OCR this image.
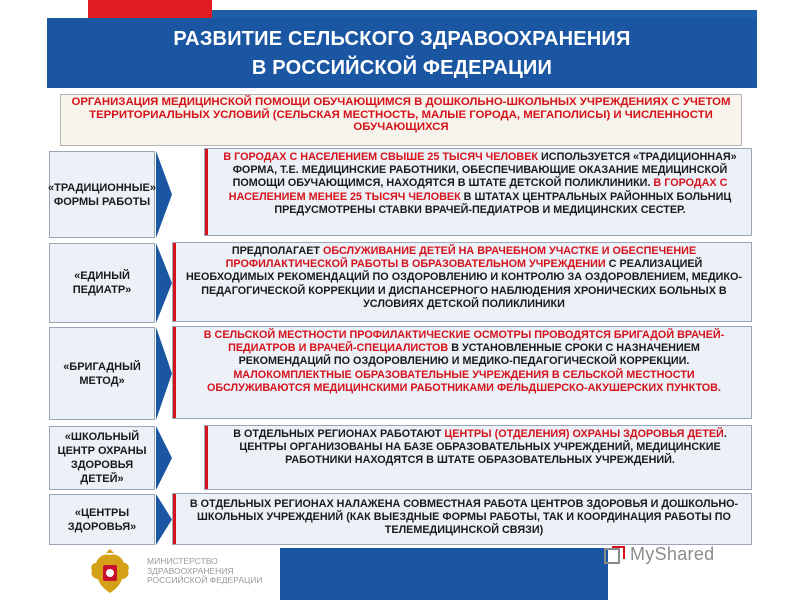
РАЗВИТИЕ СЕЛЬСКОГО ЗДРАВООХРАНЕНИЯ
В РОССИЙСКОЙ ФЕДЕРАЦИИ
ОРГАНИЗАЦИЯ МЕДИЦИНСКОЙ ПОМОЩИ ОБУЧАЮЩИМСЯ В ДОШКОЛЬНО-ШКОЛЬНЫХ УЧРЕЖДЕНИЯХ С УЧЕТОМ ТЕРРИТОРИАЛЬНЫХ УСЛОВИЙ (СЕЛЬСКАЯ МЕСТНОСТЬ, МАЛЫЕ ГОРОДА, МЕГАПОЛИСЫ) И ЧИСЛЕННОСТИ ОБУЧАЮЩИХСЯ
«ТРАДИЦИОННЫЕ»
ФОРМЫ РАБОТЫ
В ГОРОДАХ С НАСЕЛЕНИЕМ СВЫШЕ 25 ТЫСЯЧ ЧЕЛОВЕК ИСПОЛЬЗУЕТСЯ «ТРАДИЦИОННАЯ» ФОРМА, Т.Е. МЕДИЦИНСКИЕ РАБОТНИКИ, ОБЕСПЕЧИВАЮЩИЕ ОКАЗАНИЕ МЕДИЦИНСКОЙ ПОМОЩИ ОБУЧАЮЩИМСЯ, НАХОДЯТСЯ В ШТАТЕ ДЕТСКОЙ ПОЛИКЛИНИКИ. В ГОРОДАХ С НАСЕЛЕНИЕМ МЕНЕЕ 25 ТЫСЯЧ ЧЕЛОВЕК В ШТАТАХ ЦЕНТРАЛЬНЫХ РАЙОННЫХ БОЛЬНИЦ ПРЕДУСМОТРЕНЫ СТАВКИ ВРАЧЕЙ-ПЕДИАТРОВ И МЕДИЦИНСКИХ СЕСТЕР.
«ЕДИНЫЙ
ПЕДИАТР»
ПРЕДПОЛАГАЕТ ОБСЛУЖИВАНИЕ ДЕТЕЙ НА ВРАЧЕБНОМ УЧАСТКЕ И ОБЕСПЕЧЕНИЕ ПРОФИЛАКТИЧЕСКОЙ РАБОТЫ В ОБРАЗОВАТЕЛЬНОМ УЧРЕЖДЕНИИ С РЕАЛИЗАЦИЕЙ НЕОБХОДИМЫХ РЕКОМЕНДАЦИЙ ПО ОЗДОРОВЛЕНИЮ И КОНТРОЛЮ ЗА ОЗДОРОВЛЕНИЕМ, МЕДИКО-ПЕДАГОГИЧЕСКОЙ КОРРЕКЦИИ И ДИСПАНСЕРНОГО НАБЛЮДЕНИЯ ХРОНИЧЕСКИХ БОЛЬНЫХ В УСЛОВИЯХ ДЕТСКОЙ ПОЛИКЛИНИКИ
«БРИГАДНЫЙ
МЕТОД»
В СЕЛЬСКОЙ МЕСТНОСТИ ПРОФИЛАКТИЧЕСКИЕ ОСМОТРЫ ПРОВОДЯТСЯ БРИГАДОЙ ВРАЧЕЙ-ПЕДИАТРОВ И ВРАЧЕЙ-СПЕЦИАЛИСТОВ В УСТАНОВЛЕННЫЕ СРОКИ С НАЗНАЧЕНИЕМ РЕКОМЕНДАЦИЙ ПО ОЗДОРОВЛЕНИЮ И МЕДИКО-ПЕДАГОГИЧЕСКОЙ КОРРЕКЦИИ. МАЛОКОМПЛЕКТНЫЕ ОБРАЗОВАТЕЛЬНЫЕ УЧРЕЖДЕНИЯ В СЕЛЬСКОЙ МЕСТНОСТИ ОБСЛУЖИВАЮТСЯ МЕДИЦИНСКИМИ РАБОТНИКАМИ ФЕЛЬДШЕРСКО-АКУШЕРСКИХ ПУНКТОВ.
«ШКОЛЬНЫЙ
ЦЕНТР ОХРАНЫ
ЗДОРОВЬЯ ДЕТЕЙ»
В ОТДЕЛЬНЫХ РЕГИОНАХ РАБОТАЮТ ЦЕНТРЫ (ОТДЕЛЕНИЯ) ОХРАНЫ ЗДОРОВЬЯ ДЕТЕЙ. ЦЕНТРЫ ОРГАНИЗОВАНЫ НА БАЗЕ ОБРАЗОВАТЕЛЬНЫХ УЧРЕЖДЕНИЙ, МЕДИЦИНСКИЕ РАБОТНИКИ НАХОДЯТСЯ В ШТАТЕ ОБРАЗОВАТЕЛЬНЫХ УЧРЕЖДЕНИЙ.
«ЦЕНТРЫ
ЗДОРОВЬЯ»
В ОТДЕЛЬНЫХ РЕГИОНАХ НАЛАЖЕНА СОВМЕСТНАЯ РАБОТА ЦЕНТРОВ ЗДОРОВЬЯ И ДОШКОЛЬНО-ШКОЛЬНЫХ УЧРЕЖДЕНИЙ (КАК ВЫЕЗДНЫЕ ФОРМЫ РАБОТЫ, ТАК И КООРДИНАЦИЯ РАБОТЫ ПО ТЕЛЕМЕДИЦИНСКОЙ СВЯЗИ)
МИНИСТЕРСТВО
ЗДРАВООХРАНЕНИЯ
РОССИЙСКОЙ ФЕДЕРАЦИИ
MyShared
